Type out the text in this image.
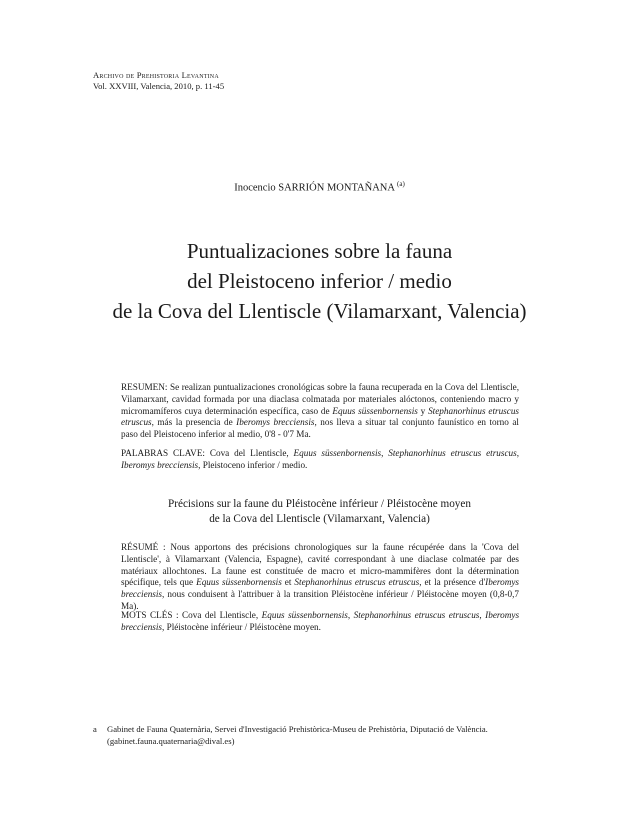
Archivo de Prehistoria Levantina
Vol. XXVIII, Valencia, 2010, p. 11-45
Inocencio SARRIÓN MONTAÑANA $^{(a)}$
Puntualizaciones sobre la fauna
del Pleistoceno inferior / medio
de la Cova del Llentiscle (Vilamarxant, Valencia)
RESUMEN: Se realizan puntualizaciones cronológicas sobre la fauna recuperada en la Cova del Llentiscle, Vilamarxant, cavidad formada por una diaclasa colmatada por materiales alóctonos, conteniendo macro y micromamíferos cuya determinación específica, caso de Equus süssenbornensis y Stephanorhinus etruscus etruscus, más la presencia de Iberomys brecciensis, nos lleva a situar tal conjunto faunístico en torno al paso del Pleistoceno inferior al medio, 0'8 - 0'7 Ma.
PALABRAS CLAVE: Cova del Llentiscle, Equus süssenbornensis, Stephanorhinus etruscus etruscus, Iberomys brecciensis, Pleistoceno inferior / medio.
Précisions sur la faune du Pléistocène inférieur / Pléistocène moyen
de la Cova del Llentiscle (Vilamarxant, Valencia)
RÉSUMÉ : Nous apportons des précisions chronologiques sur la faune récupérée dans la 'Cova del Llentiscle', à Vilamarxant (Valencia, Espagne), cavité correspondant à une diaclase colmatée par des matériaux allochtones. La faune est constituée de macro et micro-mammifères dont la détermination spécifique, tels que Equus süssenbornensis et Stephanorhinus etruscus etruscus, et la présence d'Iberomys brecciensis, nous conduisent à l'attribuer à la transition Pléistocène inférieur / Pléistocène moyen (0,8-0,7 Ma).
MOTS CLÉS : Cova del Llentiscle, Equus süssenbornensis, Stephanorhinus etruscus etruscus, Iberomys brecciensis, Pléistocène inférieur / Pléistocène moyen.
a Gabinet de Fauna Quaternària, Servei d'Investigació Prehistòrica-Museu de Prehistòria, Diputació de València.
(gabinet.fauna.quaternaria@dival.es)
